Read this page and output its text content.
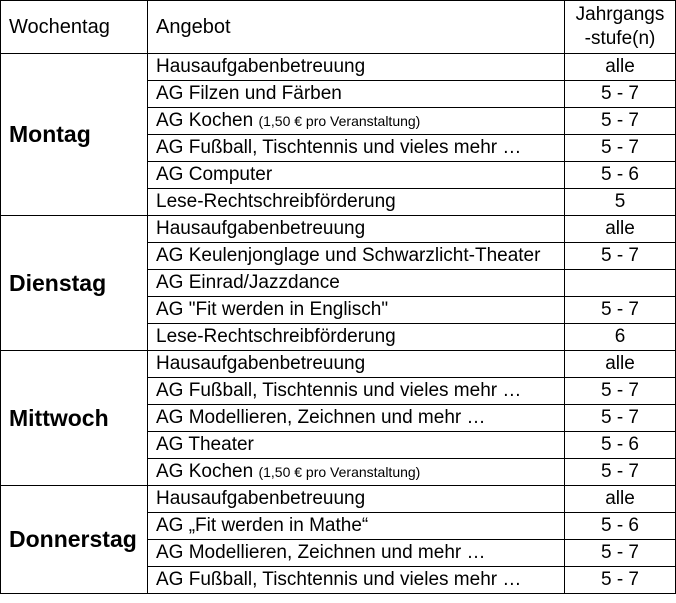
Wochentag	Angebot	Jahrgangs
-stufe(n)
Montag	Hausaufgabenbetreuung	alle
	AG Filzen und Färben	5 - 7
	AG Kochen (1,50 € pro Veranstaltung)	5 - 7
	AG Fußball, Tischtennis und vieles mehr …	5 - 7
	AG Computer	5 - 6
	Lese-Rechtschreibförderung	5
Dienstag	Hausaufgabenbetreuung	alle
	AG Keulenjonglage und Schwarzlicht-Theater	5 - 7
	AG Einrad/Jazzdance	
	AG "Fit werden in Englisch"	5 - 7
	Lese-Rechtschreibförderung	6
Mittwoch	Hausaufgabenbetreuung	alle
	AG Fußball, Tischtennis und vieles mehr …	5 - 7
	AG Modellieren, Zeichnen und mehr …	5 - 7
	AG Theater	5 - 6
	AG Kochen (1,50 € pro Veranstaltung)	5 - 7
Donnerstag	Hausaufgabenbetreuung	alle
	AG „Fit werden in Mathe“	5 - 6
	AG Modellieren, Zeichnen und mehr …	5 - 7
	AG Fußball, Tischtennis und vieles mehr …	5 - 7
